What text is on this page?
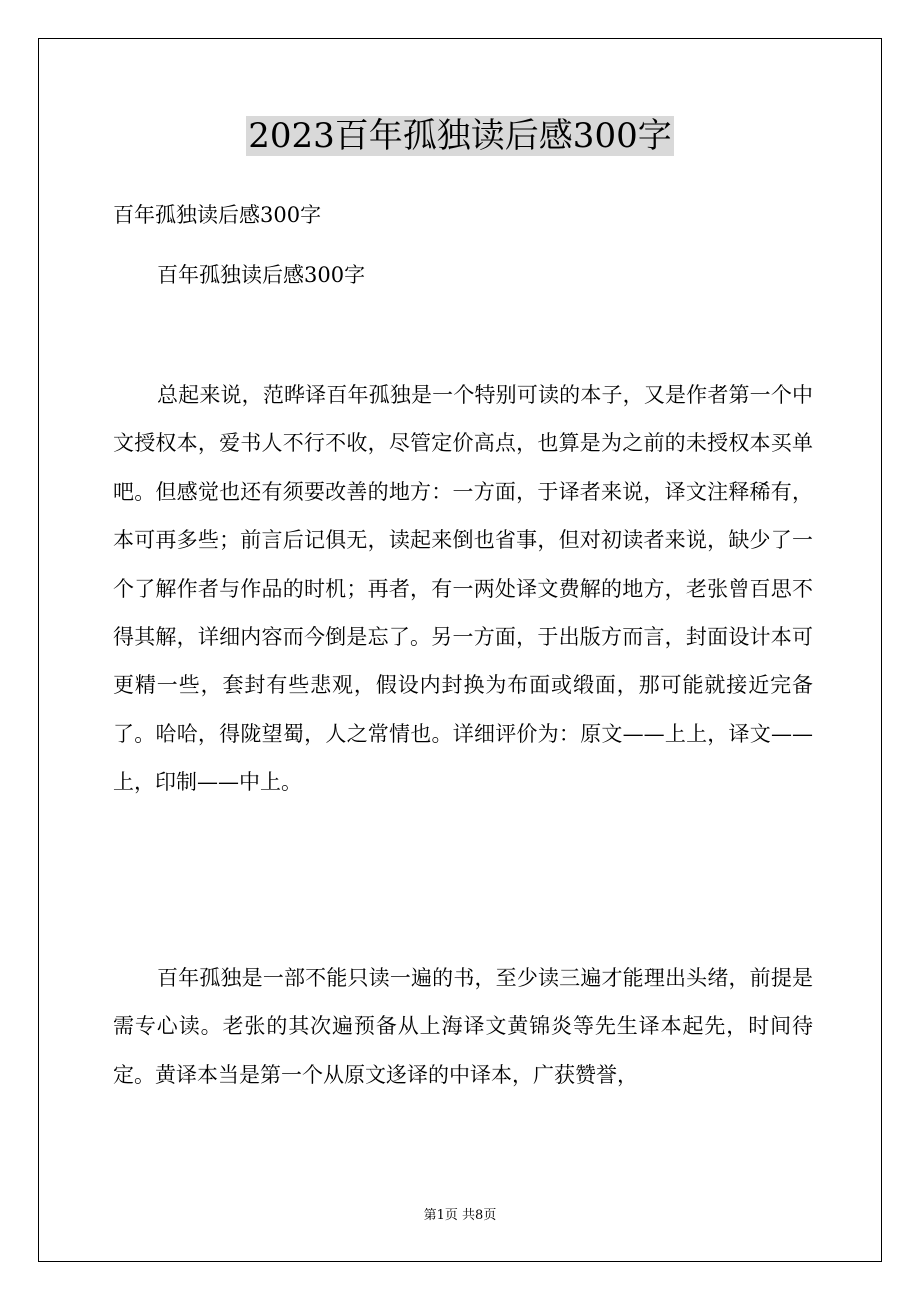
2023百年孤独读后感300字
百年孤独读后感300字
百年孤独读后感300字

总起来说，范晔译百年孤独是一个特别可读的本子，又是作者第一个中文授权本，爱书人不行不收，尽管定价高点，也算是为之前的未授权本买单吧。但感觉也还有须要改善的地方：一方面，于译者来说，译文注释稀有，本可再多些；前言后记俱无，读起来倒也省事，但对初读者来说，缺少了一个了解作者与作品的时机；再者，有一两处译文费解的地方，老张曾百思不得其解，详细内容而今倒是忘了。另一方面，于出版方而言，封面设计本可更精一些，套封有些悲观，假设内封换为布面或缎面，那可能就接近完备了。哈哈，得陇望蜀，人之常情也。详细评价为：原文——上上，译文——上，印制——中上。

百年孤独是一部不能只读一遍的书，至少读三遍才能理出头绪，前提是需专心读。老张的其次遍预备从上海译文黄锦炎等先生译本起先，时间待定。黄译本当是第一个从原文迻译的中译本，广获赞誉，

第1页 共8页
